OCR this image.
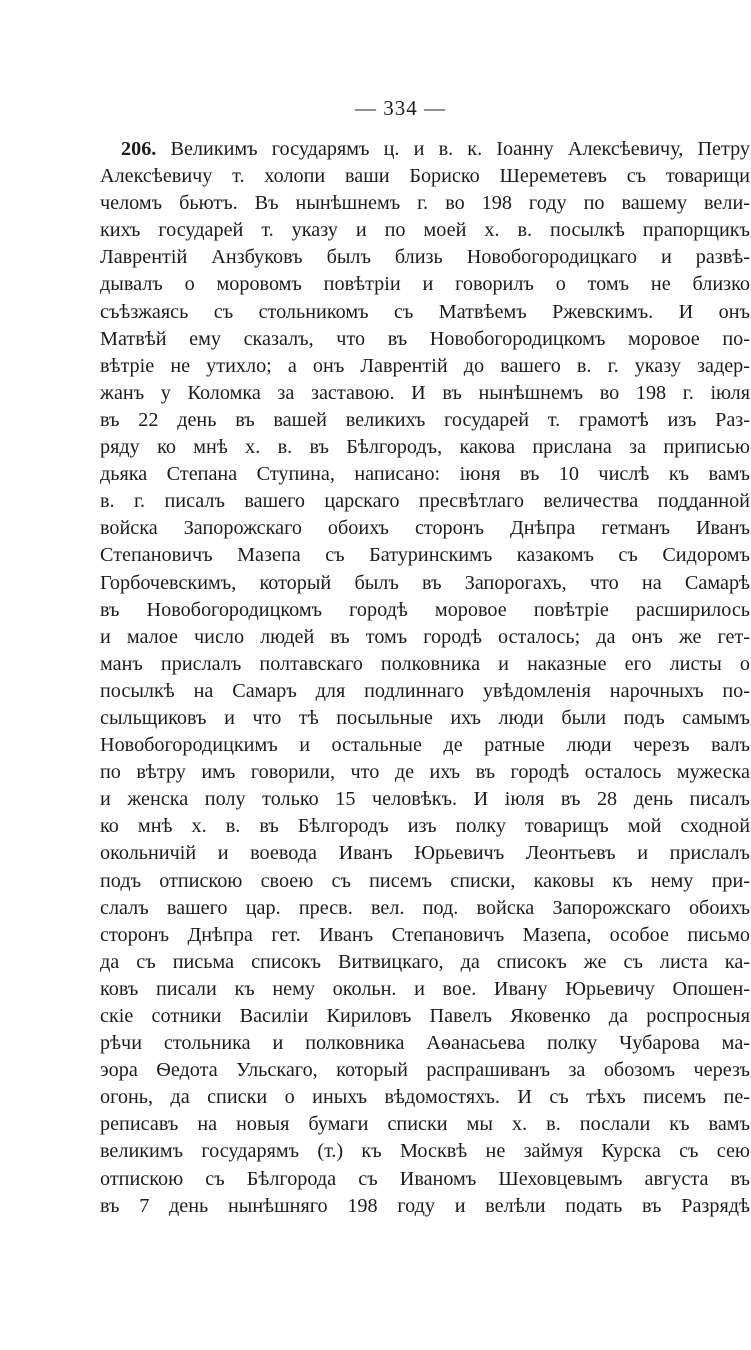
— 334 —
206. Великимъ государямъ ц. и в. к. Іоанну Алексѣевичу, Петру
Алексѣевичу т. холопи ваши Бориско Шереметевъ съ товарищи
челомъ бьютъ. Въ нынѣшнемъ г. во 198 году по вашему вели-
кихъ государей т. указу и по моей х. в. посылкѣ прапорщикъ
Лаврентій Анзбуковъ былъ близь Новобогородицкаго и развѣ-
дывалъ о моровомъ повѣтріи и говорилъ о томъ не близко
съѣзжаясь съ стольникомъ съ Матвѣемъ Ржевскимъ. И онъ
Матвѣй ему сказалъ, что въ Новобогородицкомъ моровое по-
вѣтріе не утихло; а онъ Лаврентій до вашего в. г. указу задер-
жанъ у Коломка за заставою. И въ нынѣшнемъ во 198 г. іюля
въ 22 день въ вашей великихъ государей т. грамотѣ изъ Раз-
ряду ко мнѣ х. в. въ Бѣлгородъ, какова прислана за приписью
дьяка Степана Ступина, написано: іюня въ 10 числѣ къ вамъ
в. г. писалъ вашего царскаго пресвѣтлаго величества подданной
войска Запорожскаго обоихъ сторонъ Днѣпра гетманъ Иванъ
Степановичъ Мазепа съ Батуринскимъ казакомъ съ Сидоромъ
Горбочевскимъ, который былъ въ Запорогахъ, что на Самарѣ
въ Новобогородицкомъ городѣ моровое повѣтріе расширилось
и малое число людей въ томъ городѣ осталось; да онъ же гет-
манъ прислалъ полтавскаго полковника и наказные его листы о
посылкѣ на Самаръ для подлиннаго увѣдомленія нарочныхъ по-
сыльщиковъ и что тѣ посыльные ихъ люди были подъ самымъ
Новобогородицкимъ и остальные де ратные люди черезъ валъ
по вѣтру имъ говорили, что де ихъ въ городѣ осталось мужеска
и женска полу только 15 человѣкъ. И іюля въ 28 день писалъ
ко мнѣ х. в. въ Бѣлгородъ изъ полку товарищъ мой сходной
окольничій и воевода Иванъ Юрьевичъ Леонтьевъ и прислалъ
подъ отпискою своею съ писемъ списки, каковы къ нему при-
слалъ вашего цар. пресв. вел. под. войска Запорожскаго обоихъ
сторонъ Днѣпра гет. Иванъ Степановичъ Мазепа, особое письмо
да съ письма списокъ Витвицкаго, да списокъ же съ листа ка-
ковъ писали къ нему окольн. и вое. Ивану Юрьевичу Опошен-
скіе сотники Василіи Кириловъ Павелъ Яковенко да роспросныя
рѣчи стольника и полковника Аѳанасьева полку Чубарова ма-
эора Ѳедота Ульскаго, который распрашиванъ за обозомъ черезъ
огонь, да списки о иныхъ вѣдомостяхъ. И съ тѣхъ писемъ пе-
реписавъ на новыя бумаги списки мы х. в. послали къ вамъ
великимъ государямъ (т.) къ Москвѣ не займуя Курска съ сею
отпискою съ Бѣлгорода съ Иваномъ Шеховцевымъ августа въ
въ 7 день нынѣшняго 198 году и велѣли подать въ Разрядѣ
